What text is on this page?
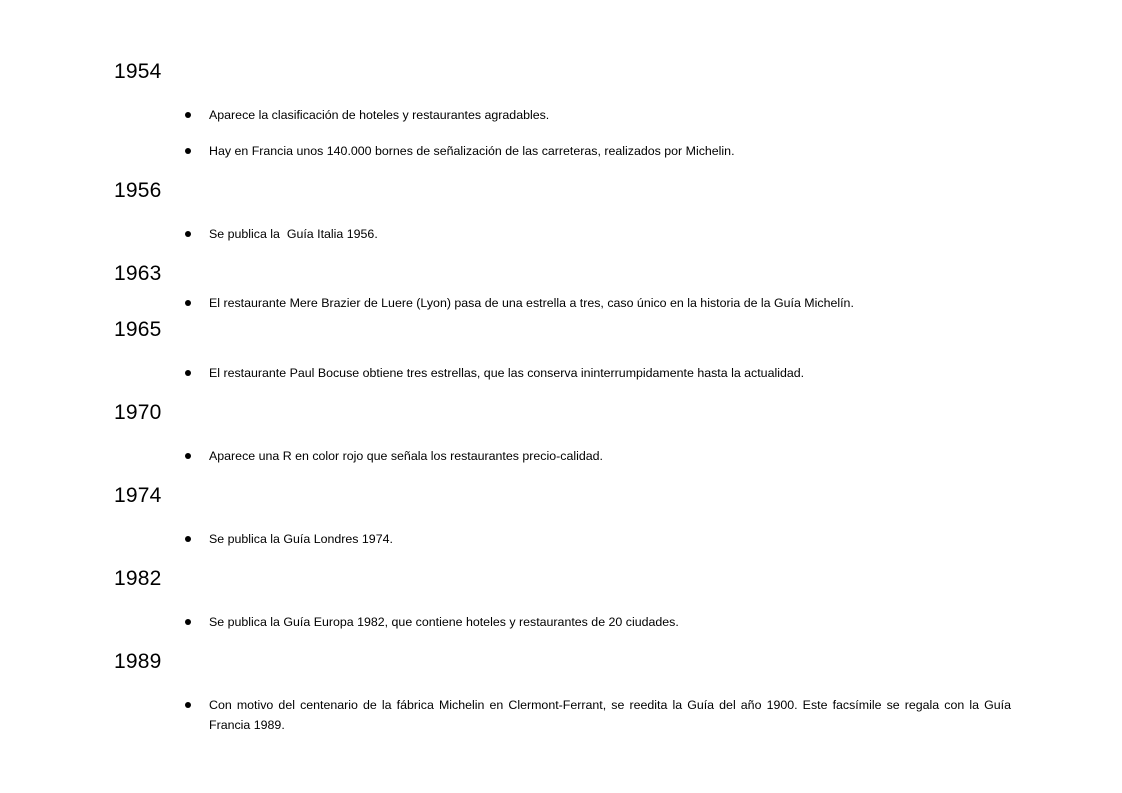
1954
Aparece la clasificación de hoteles y restaurantes agradables.
Hay en Francia unos 140.000 bornes de señalización de las carreteras, realizados por Michelin.
1956
Se publica la  Guía Italia 1956.
1963
El restaurante Mere Brazier de Luere (Lyon) pasa de una estrella a tres, caso único en la historia de la Guía Michelín.
1965
El restaurante Paul Bocuse obtiene tres estrellas, que las conserva ininterrumpidamente hasta la actualidad.
1970
Aparece una R en color rojo que señala los restaurantes precio-calidad.
1974
Se publica la Guía Londres 1974.
1982
Se publica la Guía Europa 1982, que contiene hoteles y restaurantes de 20 ciudades.
1989
Con motivo del centenario de la fábrica Michelin en Clermont-Ferrant, se reedita la Guía del año 1900. Este facsímile se regala con la Guía Francia 1989.
